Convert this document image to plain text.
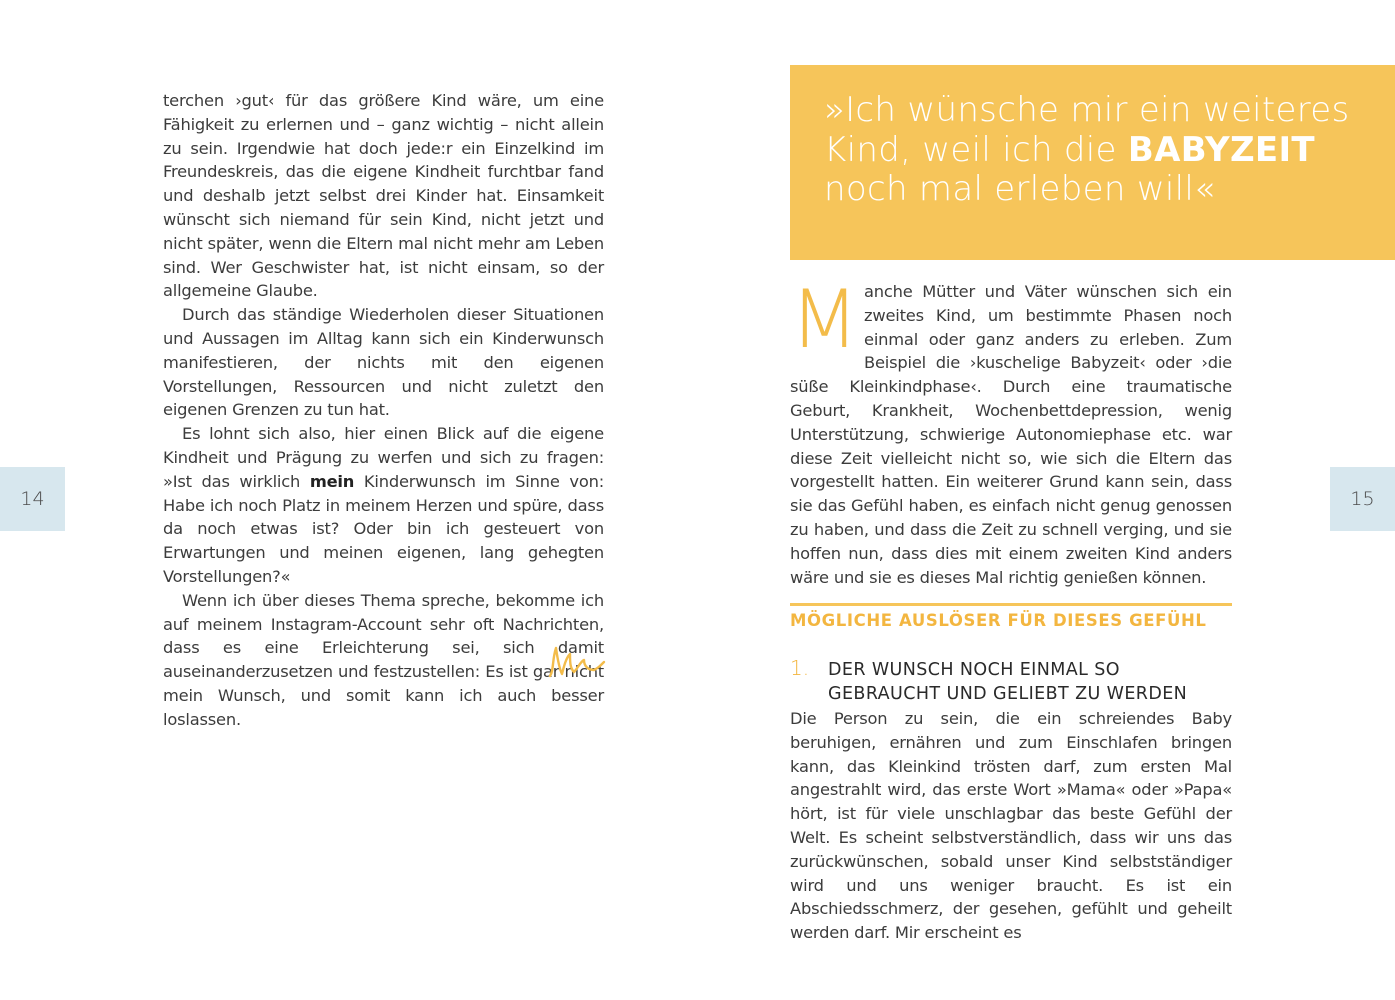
14	15

terchen ›gut‹ für das größere Kind wäre, um eine Fähigkeit zu erlernen und – ganz wichtig – nicht allein zu sein. Irgendwie hat doch jede:r ein Einzelkind im Freundeskreis, das die eigene Kindheit furchtbar fand und deshalb jetzt selbst drei Kinder hat. Einsamkeit wünscht sich niemand für sein Kind, nicht jetzt und nicht später, wenn die Eltern mal nicht mehr am Leben sind. Wer Geschwister hat, ist nicht einsam, so der allgemeine Glaube.

Durch das ständige Wiederholen dieser Situationen und Aussagen im Alltag kann sich ein Kinderwunsch manifestieren, der nichts mit den eigenen Vorstellungen, Ressourcen und nicht zuletzt den eigenen Grenzen zu tun hat.

Es lohnt sich also, hier einen Blick auf die eigene Kindheit und Prägung zu werfen und sich zu fragen: »Ist das wirklich mein Kinderwunsch im Sinne von: Habe ich noch Platz in meinem Herzen und spüre, dass da noch etwas ist? Oder bin ich gesteuert von Erwartungen und meinen eigenen, lang gehegten Vorstellungen?«

Wenn ich über dieses Thema spreche, bekomme ich auf meinem Instagram-Account sehr oft Nachrichten, dass es eine Erleichterung sei, sich damit auseinanderzusetzen und festzustellen: Es ist gar nicht mein Wunsch, und somit kann ich auch besser loslassen.

»Ich wünsche mir ein weiteres Kind, weil ich die BABYZEIT noch mal erleben will«
Manche Mütter und Väter wünschen sich ein zweites Kind, um bestimmte Phasen noch einmal oder ganz anders zu erleben. Zum Beispiel die ›kuschelige Babyzeit‹ oder ›die süße Kleinkindphase‹. Durch eine traumatische Geburt, Krankheit, Wochenbettdepression, wenig Unterstützung, schwierige Autonomiephase etc. war diese Zeit vielleicht nicht so, wie sich die Eltern das vorgestellt hatten. Ein weiterer Grund kann sein, dass sie das Gefühl haben, es einfach nicht genug genossen zu haben, und dass die Zeit zu schnell verging, und sie hoffen nun, dass dies mit einem zweiten Kind anders wäre und sie es dieses Mal richtig genießen können.
MÖGLICHE AUSLÖSER FÜR DIESES GEFÜHL
1. DER WUNSCH NOCH EINMAL SO GEBRAUCHT UND GELIEBT ZU WERDEN
Die Person zu sein, die ein schreiendes Baby beruhigen, ernähren und zum Einschlafen bringen kann, das Kleinkind trösten darf, zum ersten Mal angestrahlt wird, das erste Wort »Mama« oder »Papa« hört, ist für viele unschlagbar das beste Gefühl der Welt. Es scheint selbstverständlich, dass wir uns das zurückwünschen, sobald unser Kind selbstständiger wird und uns weniger braucht. Es ist ein Abschiedsschmerz, der gesehen, gefühlt und geheilt werden darf. Mir erscheint es
